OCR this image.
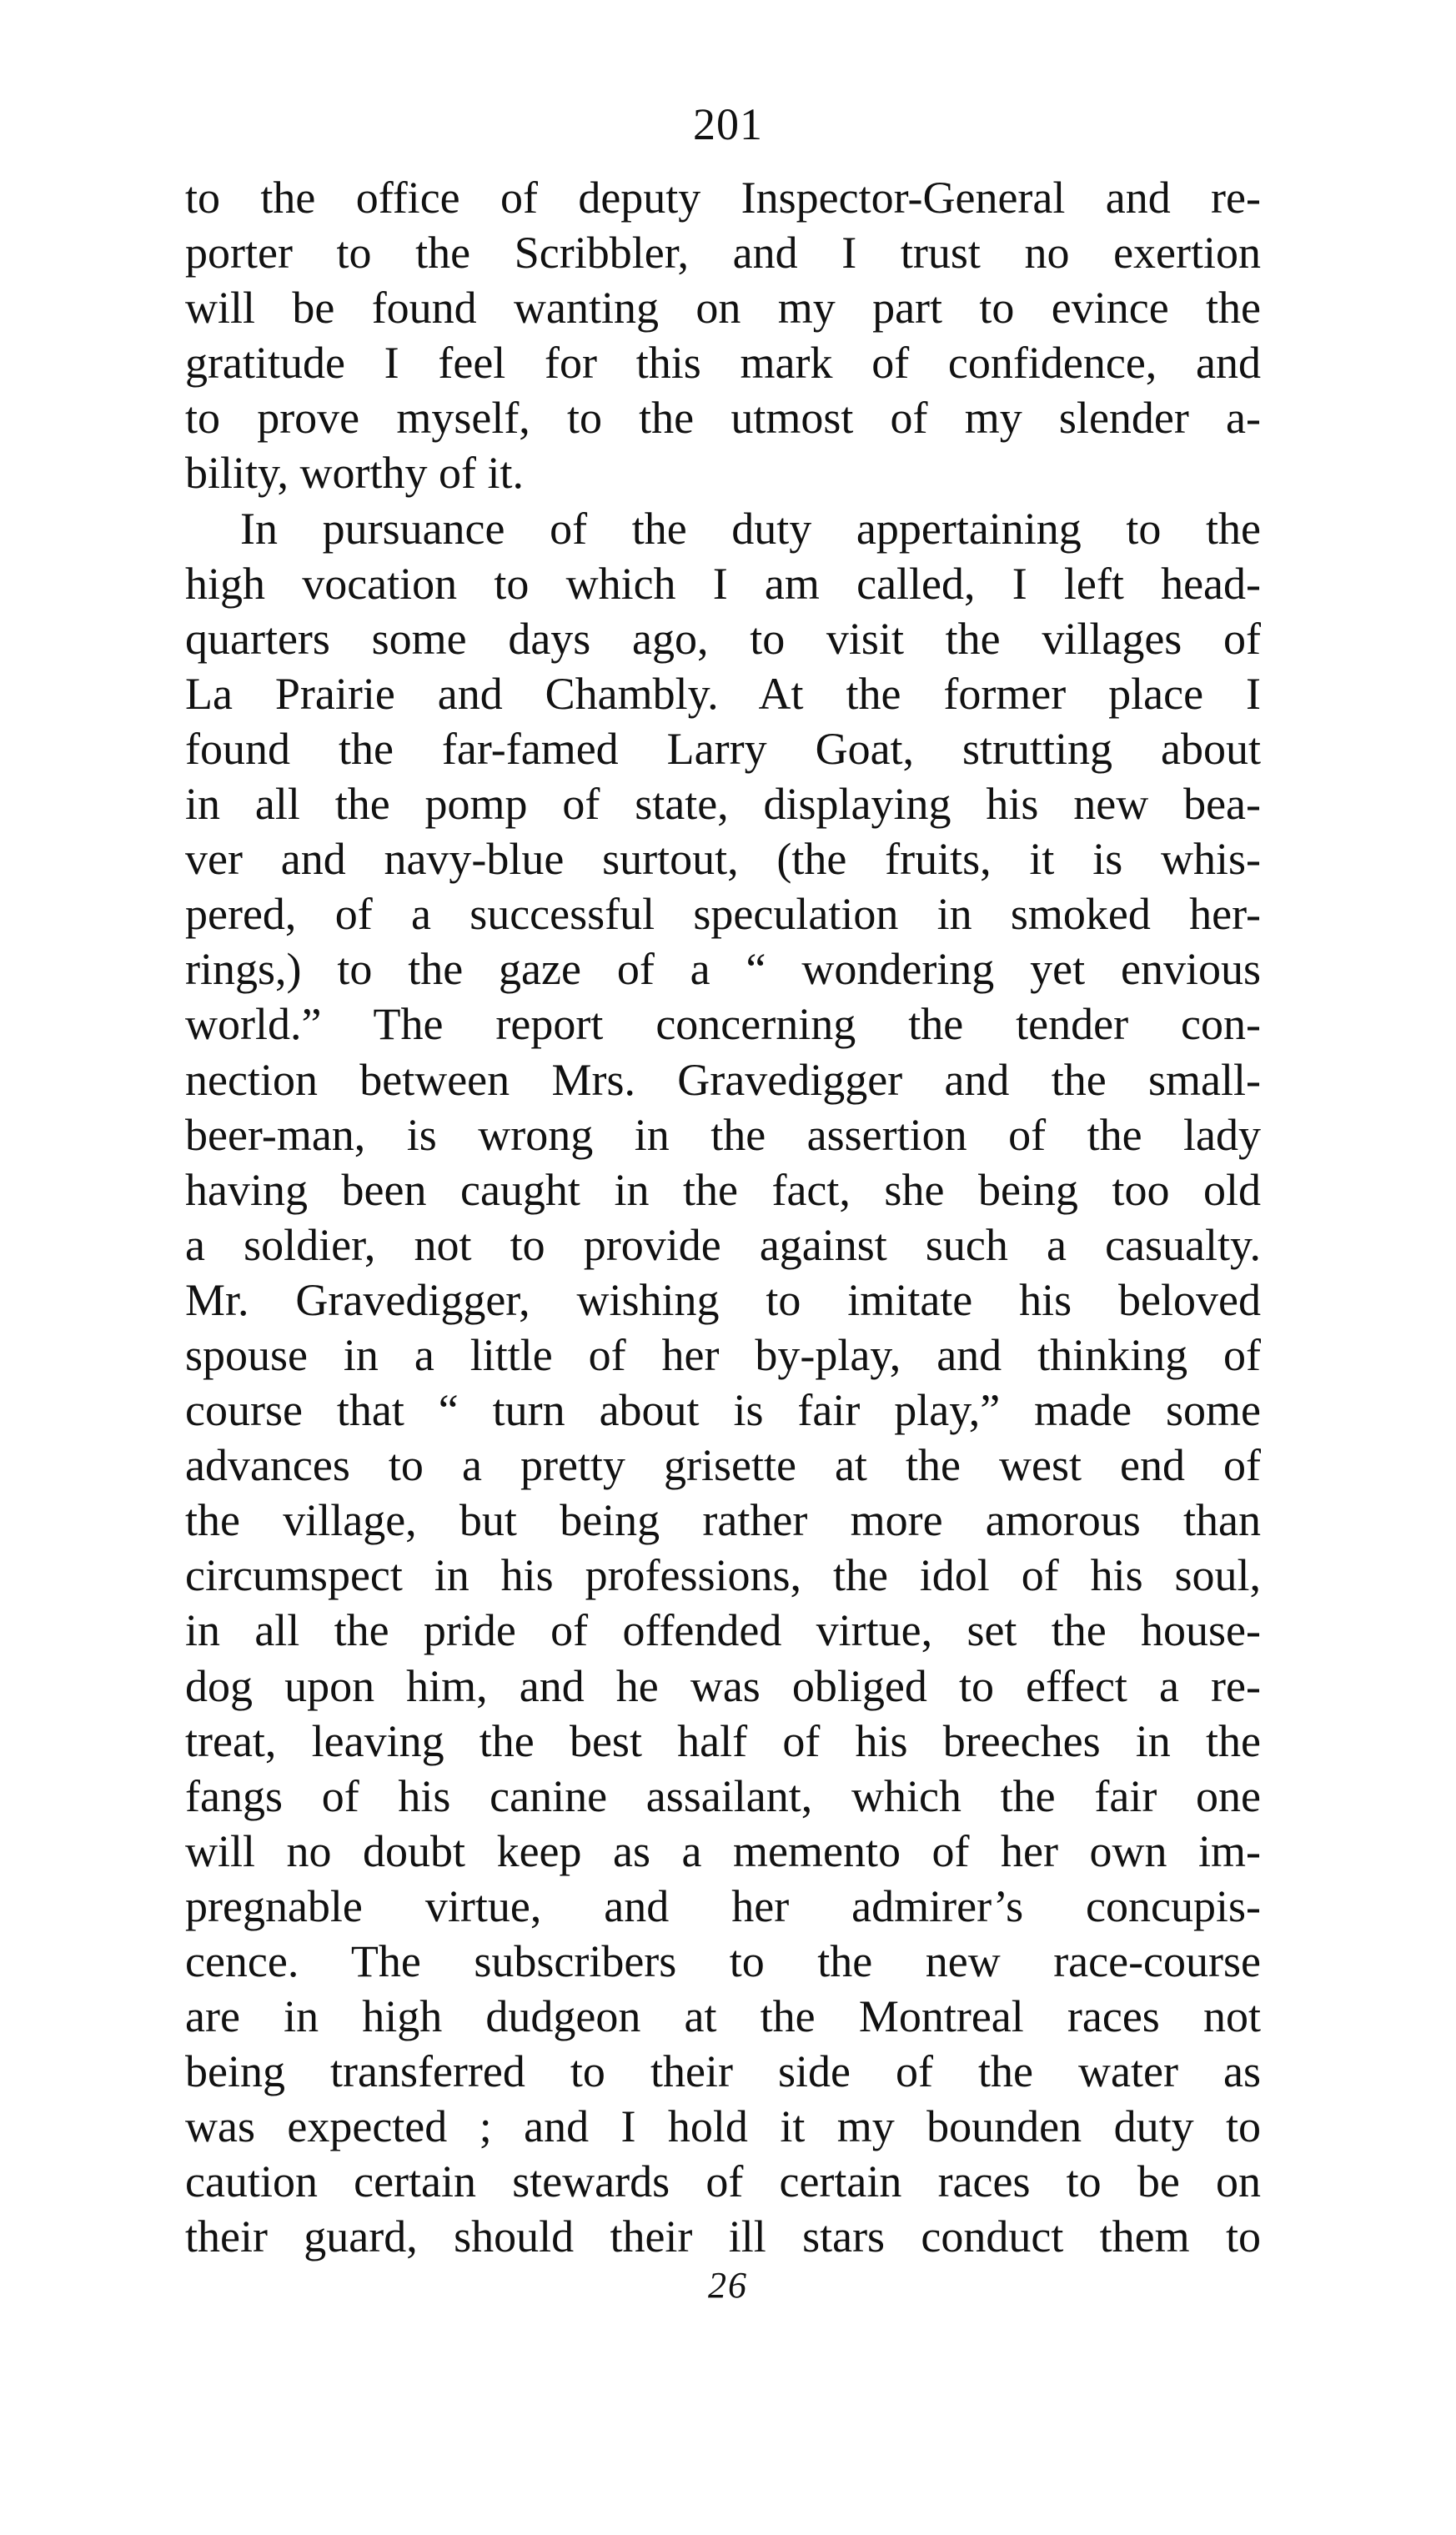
201
to the office of deputy Inspector-General and re-
porter to the Scribbler, and I trust no exertion
will be found wanting on my part to evince the
gratitude I feel for this mark of confidence, and
to prove myself, to the utmost of my slender a-
bility, worthy of it.
In pursuance of the duty appertaining to the
high vocation to which I am called, I left head-
quarters some days ago, to visit the villages of
La Prairie and Chambly. At the former place I
found the far-famed Larry Goat, strutting about
in all the pomp of state, displaying his new bea-
ver and navy-blue surtout, (the fruits, it is whis-
pered, of a successful speculation in smoked her-
rings,) to the gaze of a “ wondering yet envious
world.” The report concerning the tender con-
nection between Mrs. Gravedigger and the small-
beer-man, is wrong in the assertion of the lady
having been caught in the fact, she being too old
a soldier, not to provide against such a casualty.
Mr. Gravedigger, wishing to imitate his beloved
spouse in a little of her by-play, and thinking of
course that “ turn about is fair play,” made some
advances to a pretty grisette at the west end of
the village, but being rather more amorous than
circumspect in his professions, the idol of his soul,
in all the pride of offended virtue, set the house-
dog upon him, and he was obliged to effect a re-
treat, leaving the best half of his breeches in the
fangs of his canine assailant, which the fair one
will no doubt keep as a memento of her own im-
pregnable virtue, and her admirer’s concupis-
cence. The subscribers to the new race-course
are in high dudgeon at the Montreal races not
being transferred to their side of the water as
was expected ; and I hold it my bounden duty to
caution certain stewards of certain races to be on
their guard, should their ill stars conduct them to
26
